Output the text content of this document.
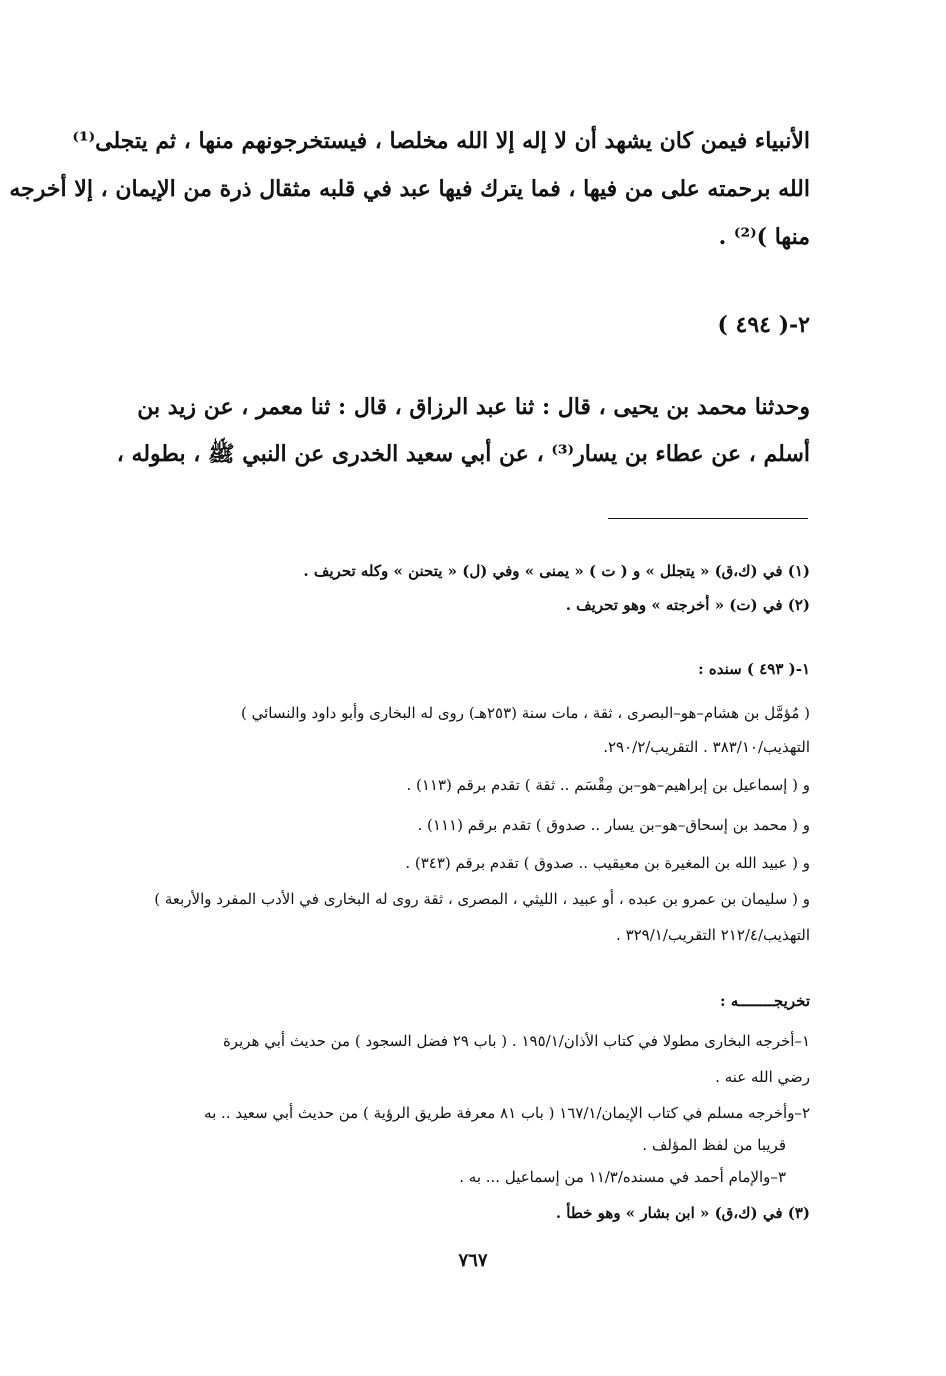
الأنبياء فيمن كان يشهد أن لا إله إلا الله مخلصا ، فيستخرجونهم منها ، ثم يتجلى⁽¹⁾
الله برحمته على من فيها ، فما يترك فيها عبد في قلبه مثقال ذرة من الإيمان ، إلا أخرجه
منها )⁽²⁾ .
٢-( ٤٩٤ )
وحدثنا محمد بن يحيى ، قال : ثنا عبد الرزاق ، قال : ثنا معمر ، عن زيد بن
أسلم ، عن عطاء بن يسار⁽³⁾ ، عن أبي سعيد الخدرى عن النبي ﷺ ، بطوله ،
(١) في (ك،ق) « يتجلل » و ( ت ) « يمنى » وفي (ل) « يتحنن » وكله تحريف .
(٢) في (ت) « أخرجته » وهو تحريف .
١-( ٤٩٣ ) سنده :
( مُؤمَّل بن هشام–هو–البصرى ، ثقة ، مات سنة (٢٥٣هـ) روى له البخارى وأبو داود والنسائي )
التهذيب/٣٨٣/١٠ . التقريب/٢٩٠/٢.
و ( إسماعيل بن إبراهيم–هو–بن مِقْسَم .. ثقة ) تقدم برقم (١١٣) .
و ( محمد بن إسحاق–هو–بن يسار .. صدوق ) تقدم برقم (١١١) .
و ( عبيد الله بن المغيرة بن معيقيب .. صدوق ) تقدم برقم (٣٤٣) .
و ( سليمان بن عمرو بن عبده ، أو عبيد ، الليثي ، المصرى ، ثقة روى له البخارى في الأدب المفرد والأربعة )
التهذيب/٢١٢/٤ التقريب/٣٢٩/١ .
تخريجــــــــه :
١–أخرجه البخارى مطولا في كتاب الأذان/١٩٥/١ . ( باب ٢٩ فضل السجود ) من حديث أبي هريرة
رضي الله عنه .
٢–وأخرجه مسلم في كتاب الإيمان/١٦٧/١ ( باب ٨١ معرفة طريق الرؤية ) من حديث أبي سعيد .. به
قريبا من لفظ المؤلف .
٣–والإمام أحمد في مسنده/١١/٣ من إسماعيل ... به .
(٣) في (ك،ق) « ابن بشار » وهو خطأ .
٧٦٧
